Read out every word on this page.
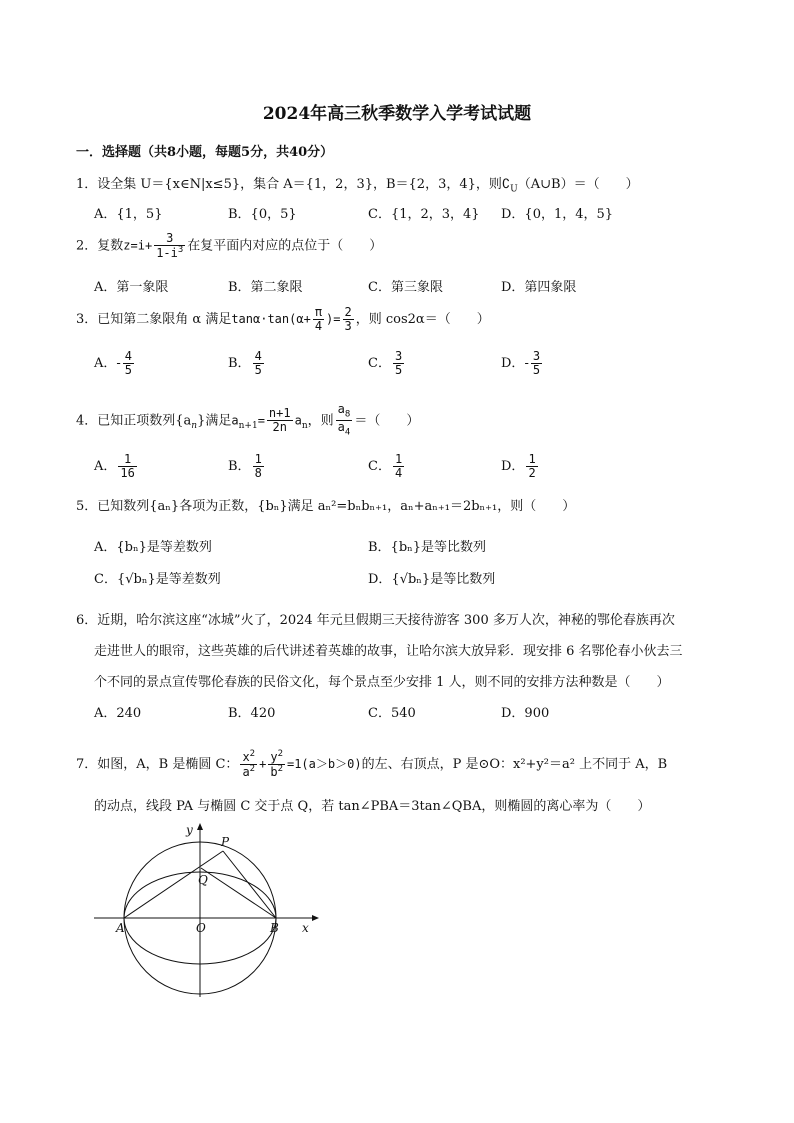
2024年高三秋季数学入学考试试题
一．选择题（共8小题，每题5分，共40分）
1．设全集 U＝{x∈N|x≤5}，集合 A＝{1，2，3}，B＝{2，3，4}，则$∁_U(A\cup B)=$（　　）
A．{1，5}	B．{0，5}	C．{1，2，3，4} D．{0，1，4，5}
2．复数$z=i+ \frac{3}{1-i^3}$ 在复平面内对应的点位于（　　）
A．第一象限	B．第二象限	C．第三象限	D．第四象限
3．已知第二象限角 α 满足$\tan\alpha\cdot\tan(\alpha+ \frac{\pi}{4}$ )= $\frac{2}{3}$ ，则 cos2α＝（　　）
A．- $\frac{4}{5}$	B． $\frac{4}{5}$	C． $\frac{3}{5}$	D．- $\frac{3}{5}$
4．已知正项数列$\{a_n\}$满足$a_{n+1}= \frac{n+1}{2n} a_n$，则 $\frac{a_8}{a_4}$ ＝（　　）
A． $\frac{1}{16}$	B． $\frac{1}{8}$	C． $\frac{1}{4}$	D． $\frac{1}{2}$
5．已知数列{aₙ}各项为正数，{bₙ}满足 aₙ²=bₙbₙ₊₁，aₙ+aₙ₊₁＝2bₙ₊₁，则（　　）
A．{bₙ}是等差数列	B．{bₙ}是等比数列
C．{√bₙ}是等差数列	D．{√bₙ}是等比数列
6．近期，哈尔滨这座“冰城”火了，2024 年元旦假期三天接待游客 300 多万人次，神秘的鄂伦春族再次
走进世人的眼帘，这些英雄的后代讲述着英雄的故事，让哈尔滨大放异彩．现安排 6 名鄂伦春小伙去三
个不同的景点宣传鄂伦春族的民俗文化，每个景点至少安排 1 人，则不同的安排方法种数是（　　）
A．240	B．420	C．540	D．900
7．如图，A，B 是椭圆 C： $\frac{x^2}{a^2} + \frac{y^2}{b^2} =1(a>b>0)$的左、右顶点，P 是⊙O：x²+y²＝a² 上不同于 A，B
的动点，线段 PA 与椭圆 C 交于点 Q，若 tan∠PBA＝3tan∠QBA，则椭圆的离心率为（　　）
y
x
P
Q
A	O	B
